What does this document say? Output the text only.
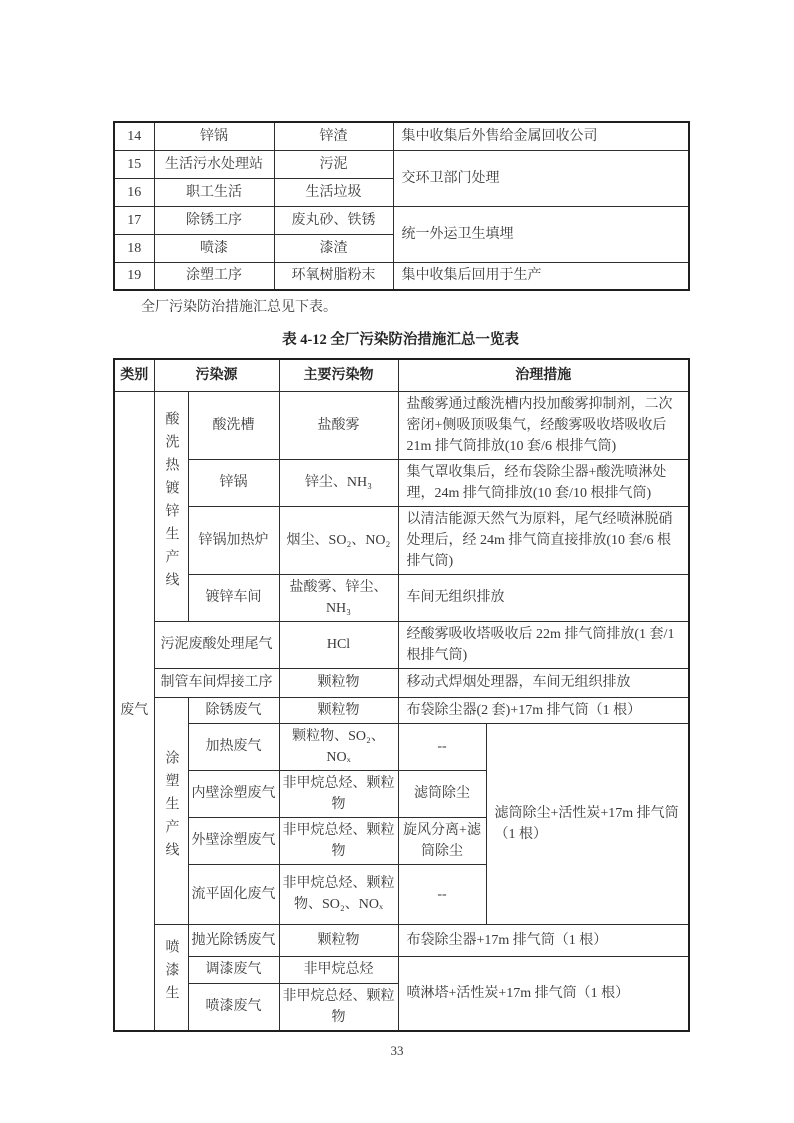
14	锌锅	锌渣	集中收集后外售给金属回收公司
15	生活污水处理站	污泥	交环卫部门处理
16	职工生活	生活垃圾	
17	除锈工序	废丸砂、铁锈	统一外运卫生填埋
18	喷漆	漆渣	
19	涂塑工序	环氧树脂粉末	集中收集后回用于生产
全厂污染防治措施汇总见下表。
表 4-12 全厂污染防治措施汇总一览表
类别	污染源		主要污染物	治理措施	
废气	酸洗热镀锌生产线	酸洗槽	盐酸雾	盐酸雾通过酸洗槽内投加酸雾抑制剂，二次密闭+侧吸顶吸集气，经酸雾吸收塔吸收后21m 排气筒排放(10 套/6 根排气筒)	
		锌锅	锌尘、NH₃	集气罩收集后，经布袋除尘器+酸洗喷淋处理，24m 排气筒排放(10 套/10 根排气筒)	
		锌锅加热炉	烟尘、SO₂、NO₂	以清洁能源天然气为原料，尾气经喷淋脱硝处理后，经 24m 排气筒直接排放(10 套/6 根排气筒)	
		镀锌车间	盐酸雾、锌尘、NH₃	车间无组织排放	
	污泥废酸处理尾气		HCl	经酸雾吸收塔吸收后 22m 排气筒排放(1 套/1 根排气筒)	
	制管车间焊接工序		颗粒物	移动式焊烟处理器，车间无组织排放	
	涂塑生产线	除锈废气	颗粒物	布袋除尘器(2 套)+17m 排气筒（1 根）	
		加热废气	颗粒物、SO₂、NOₓ	--	滤筒除尘+活性炭+17m 排气筒（1 根）
		内壁涂塑废气	非甲烷总烃、颗粒物	滤筒除尘	
		外壁涂塑废气	非甲烷总烃、颗粒物	旋风分离+滤筒除尘	
		流平固化废气	非甲烷总烃、颗粒物、SO₂、NOₓ	--	
	喷漆生	抛光除锈废气	颗粒物	布袋除尘器+17m 排气筒（1 根）	
		调漆废气	非甲烷总烃	喷淋塔+活性炭+17m 排气筒（1 根）	
		喷漆废气	非甲烷总烃、颗粒物		
33
